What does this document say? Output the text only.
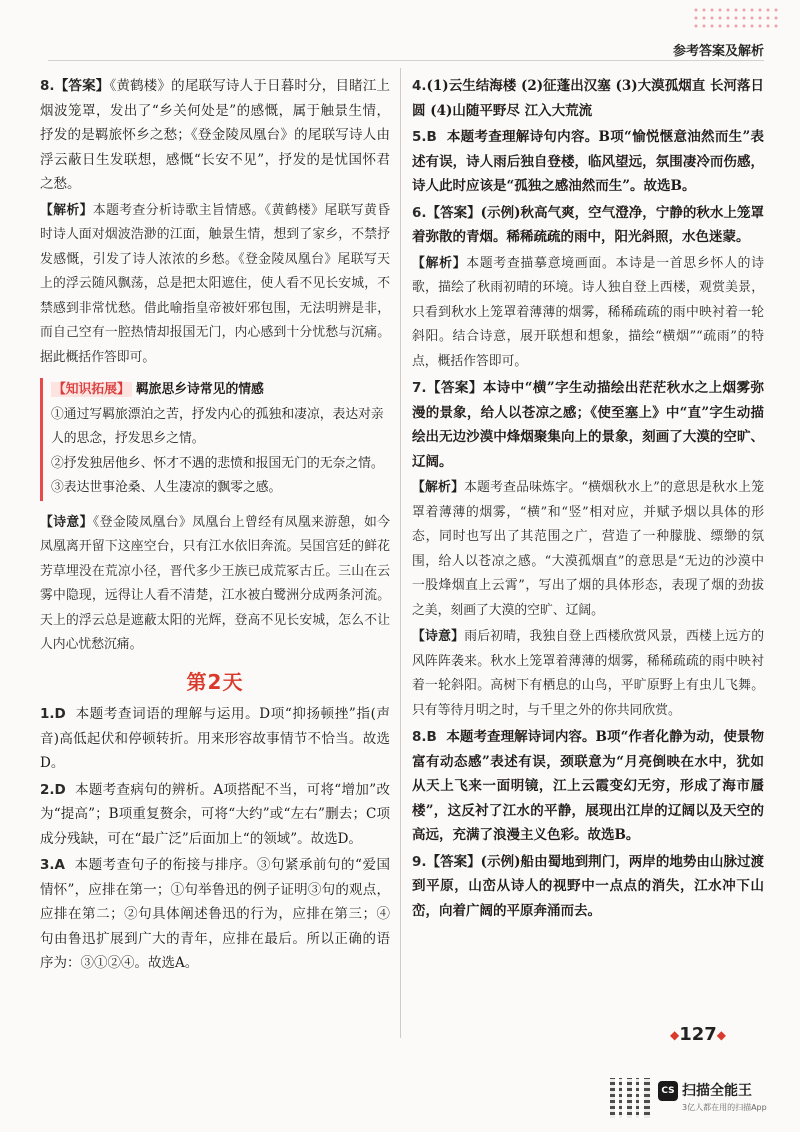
参考答案及解析
8.【答案】《黄鹤楼》的尾联写诗人于日暮时分，目睹江上烟波笼罩，发出了“乡关何处是”的感慨，属于触景生情，抒发的是羁旅怀乡之愁；《登金陵凤凰台》的尾联写诗人由浮云蔽日生发联想，感慨“长安不见”，抒发的是忧国怀君之愁。
【解析】本题考查分析诗歌主旨情感。《黄鹤楼》尾联写黄昏时诗人面对烟波浩渺的江面，触景生情，想到了家乡，不禁抒发感慨，引发了诗人浓浓的乡愁。《登金陵凤凰台》尾联写天上的浮云随风飘荡，总是把太阳遮住，使人看不见长安城，不禁感到非常忧愁。借此喻指皇帝被奸邪包围，无法明辨是非，而自己空有一腔热情却报国无门，内心感到十分忧愁与沉痛。据此概括作答即可。

【知识拓展】 羁旅思乡诗常见的情感

①通过写羁旅漂泊之苦，抒发内心的孤独和凄凉，表达对亲人的思念，抒发思乡之情。

②抒发独居他乡、怀才不遇的悲愤和报国无门的无奈之情。

③表达世事沧桑、人生凄凉的飘零之感。

【诗意】《登金陵凤凰台》凤凰台上曾经有凤凰来游憩，如今凤凰离开留下这座空台，只有江水依旧奔流。吴国宫廷的鲜花芳草埋没在荒凉小径，晋代多少王族已成荒冢古丘。三山在云雾中隐现，远得让人看不清楚，江水被白鹭洲分成两条河流。天上的浮云总是遮蔽太阳的光辉，登高不见长安城，怎么不让人内心忧愁沉痛。
第2天
1.D 本题考查词语的理解与运用。D项“抑扬顿挫”指(声音)高低起伏和停顿转折。用来形容故事情节不恰当。故选D。
2.D 本题考查病句的辨析。A项搭配不当，可将“增加”改为“提高”；B项重复赘余，可将“大约”或“左右”删去；C项成分残缺，可在“最广泛”后面加上“的领域”。故选D。
3.A 本题考查句子的衔接与排序。③句紧承前句的“爱国情怀”，应排在第一；①句举鲁迅的例子证明③句的观点，应排在第二；②句具体阐述鲁迅的行为，应排在第三；④句由鲁迅扩展到广大的青年，应排在最后。所以正确的语序为：③①②④。故选A。
4.(1)云生结海楼 (2)征蓬出汉塞 (3)大漠孤烟直 长河落日圆 (4)山随平野尽 江入大荒流
5.B 本题考查理解诗句内容。B项“愉悦惬意油然而生”表述有误，诗人雨后独自登楼，临风望远，氛围凄冷而伤感，诗人此时应该是“孤独之感油然而生”。故选B。
6.【答案】(示例)秋高气爽，空气澄净，宁静的秋水上笼罩着弥散的青烟。稀稀疏疏的雨中，阳光斜照，水色迷蒙。
【解析】本题考查描摹意境画面。本诗是一首思乡怀人的诗歌，描绘了秋雨初晴的环境。诗人独自登上西楼，观赏美景，只看到秋水上笼罩着薄薄的烟雾，稀稀疏疏的雨中映衬着一轮斜阳。结合诗意，展开联想和想象，描绘“横烟”“疏雨”的特点，概括作答即可。
7.【答案】本诗中“横”字生动描绘出茫茫秋水之上烟雾弥漫的景象，给人以苍凉之感；《使至塞上》中“直”字生动描绘出无边沙漠中烽烟聚集向上的景象，刻画了大漠的空旷、辽阔。
【解析】本题考查品味炼字。“横烟秋水上”的意思是秋水上笼罩着薄薄的烟雾，“横”和“竖”相对应，并赋予烟以具体的形态，同时也写出了其范围之广，营造了一种朦胧、缥缈的氛围，给人以苍凉之感。“大漠孤烟直”的意思是“无边的沙漠中一股烽烟直上云霄”，写出了烟的具体形态，表现了烟的劲拔之美，刻画了大漠的空旷、辽阔。
【诗意】雨后初晴，我独自登上西楼欣赏风景，西楼上远方的风阵阵袭来。秋水上笼罩着薄薄的烟雾，稀稀疏疏的雨中映衬着一轮斜阳。高树下有栖息的山鸟，平旷原野上有虫儿飞舞。只有等待月明之时，与千里之外的你共同欣赏。
8.B 本题考查理解诗词内容。B项“作者化静为动，使景物富有动态感”表述有误，颈联意为“月亮倒映在水中，犹如从天上飞来一面明镜，江上云霞变幻无穷，形成了海市蜃楼”，这反衬了江水的平静，展现出江岸的辽阔以及天空的高远，充满了浪漫主义色彩。故选B。
9.【答案】(示例)船由蜀地到荆门，两岸的地势由山脉过渡到平原，山峦从诗人的视野中一点点的消失，江水冲下山峦，向着广阔的平原奔涌而去。
◆127◆
CS 扫描全能王
3亿人都在用的扫描App
